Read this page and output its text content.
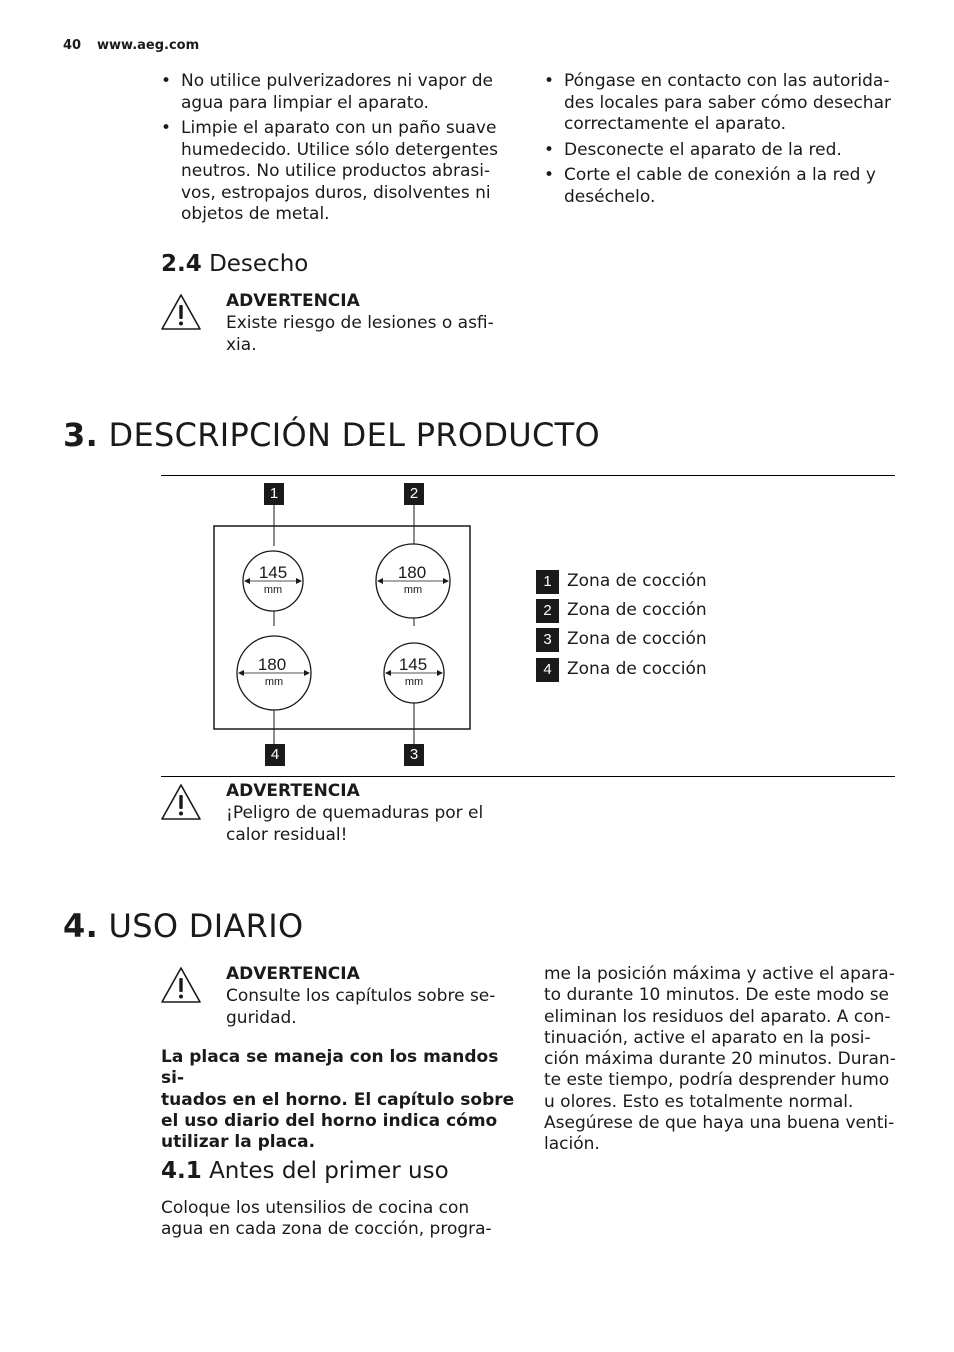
40 www.aeg.com
• No utilice pulverizadores ni vapor de
agua para limpiar el aparato.
• Limpie el aparato con un paño suave
humedecido. Utilice sólo detergentes
neutros. No utilice productos abrasi-
vos, estropajos duros, disolventes ni
objetos de metal.
• Póngase en contacto con las autorida-
des locales para saber cómo desechar
correctamente el aparato.
• Desconecte el aparato de la red.
• Corte el cable de conexión a la red y
deséchelo.
2.4 Desecho
ADVERTENCIA
Existe riesgo de lesiones o asfi-
xia.
3. DESCRIPCIÓN DEL PRODUCTO
145
mm
180
mm
180
mm
145
mm
1	2
4	3
1 Zona de cocción
2 Zona de cocción
3 Zona de cocción
4 Zona de cocción
ADVERTENCIA
¡Peligro de quemaduras por el
calor residual!
4. USO DIARIO
ADVERTENCIA
Consulte los capítulos sobre se-
guridad.
La placa se maneja con los mandos si-
tuados en el horno. El capítulo sobre
el uso diario del horno indica cómo
utilizar la placa.
4.1 Antes del primer uso
Coloque los utensilios de cocina con
agua en cada zona de cocción, progra-
me la posición máxima y active el apara-
to durante 10 minutos. De este modo se
eliminan los residuos del aparato. A con-
tinuación, active el aparato en la posi-
ción máxima durante 20 minutos. Duran-
te este tiempo, podría desprender humo
u olores. Esto es totalmente normal.
Asegúrese de que haya una buena venti-
lación.
